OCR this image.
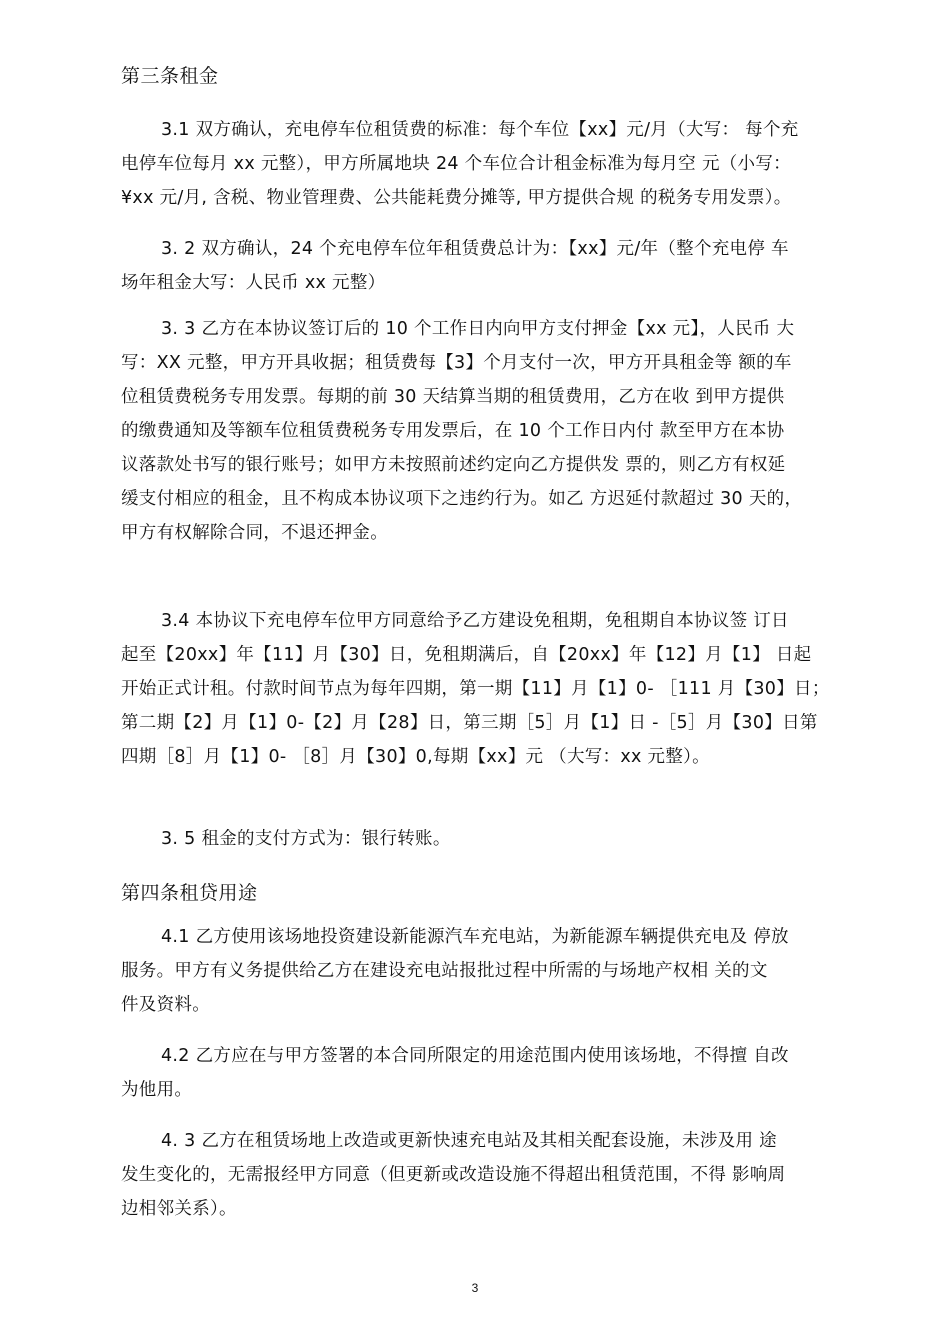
第三条租金
3.1 双方确认，充电停车位租赁费的标准：每个车位【xx】元/月（大写： 每个充
电停车位每月 xx 元整），甲方所属地块 24 个车位合计租金标准为每月空 元（小写：
¥xx 元/月, 含税、物业管理费、公共能耗费分摊等, 甲方提供合规 的税务专用发票）。
3. 2 双方确认，24 个充电停车位年租赁费总计为：【xx】元/年（整个充电停 车
场年租金大写：人民币 xx 元整）
3. 3 乙方在本协议签订后的 10 个工作日内向甲方支付押金【xx 元】，人民币 大
写：XX 元整，甲方开具收据；租赁费每【3】个月支付一次，甲方开具租金等 额的车
位租赁费税务专用发票。每期的前 30 天结算当期的租赁费用，乙方在收 到甲方提供
的缴费通知及等额车位租赁费税务专用发票后，在 10 个工作日内付 款至甲方在本协
议落款处书写的银行账号；如甲方未按照前述约定向乙方提供发 票的，则乙方有权延
缓支付相应的租金，且不构成本协议项下之违约行为。如乙 方迟延付款超过 30 天的，
甲方有权解除合同，不退还押金。
3.4 本协议下充电停车位甲方同意给予乙方建设免租期，免租期自本协议签 订日
起至【20xx】年【11】月【30】日，免租期满后，自【20xx】年【12】月【1】 日起
开始正式计租。付款时间节点为每年四期，第一期【11】月【1】0- ［111 月【30】日；
第二期【2】月【1】0-【2】月【28】日，第三期［5］月【1】日 -［5］月【30】日第
四期［8］月【1】0- ［8］月【30】0,每期【xx】元 （大写：xx 元整）。
3. 5 租金的支付方式为：银行转账。
第四条租贷用途
4.1 乙方使用该场地投资建设新能源汽车充电站，为新能源车辆提供充电及 停放
服务。甲方有义务提供给乙方在建设充电站报批过程中所需的与场地产权相 关的文
件及资料。
4.2 乙方应在与甲方签署的本合同所限定的用途范围内使用该场地，不得擅 自改
为他用。
4. 3 乙方在租赁场地上改造或更新快速充电站及其相关配套设施，未涉及用 途
发生变化的，无需报经甲方同意（但更新或改造设施不得超出租赁范围，不得 影响周
边相邻关系）。
3
